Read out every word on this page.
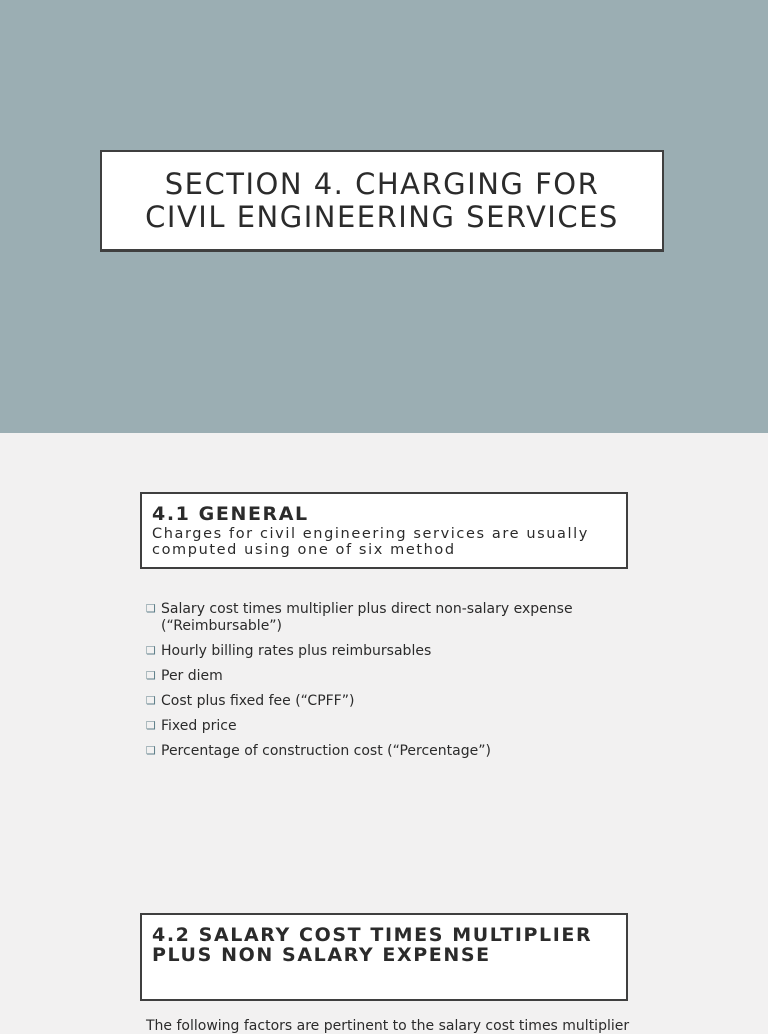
SECTION 4. CHARGING FOR
CIVIL ENGINEERING SERVICES
4.1 GENERAL
Charges for civil engineering services are usually computed using one of six method
❑ Salary cost times multiplier plus direct non-salary expense (“Reimbursable”)
❑ Hourly billing rates plus reimbursables
❑ Per diem
❑ Cost plus fixed fee (“CPFF”)
❑ Fixed price
❑ Percentage of construction cost (“Percentage”)
4.2 SALARY COST TIMES MULTIPLIER
PLUS NON SALARY EXPENSE
The following factors are pertinent to the salary cost times multiplier
